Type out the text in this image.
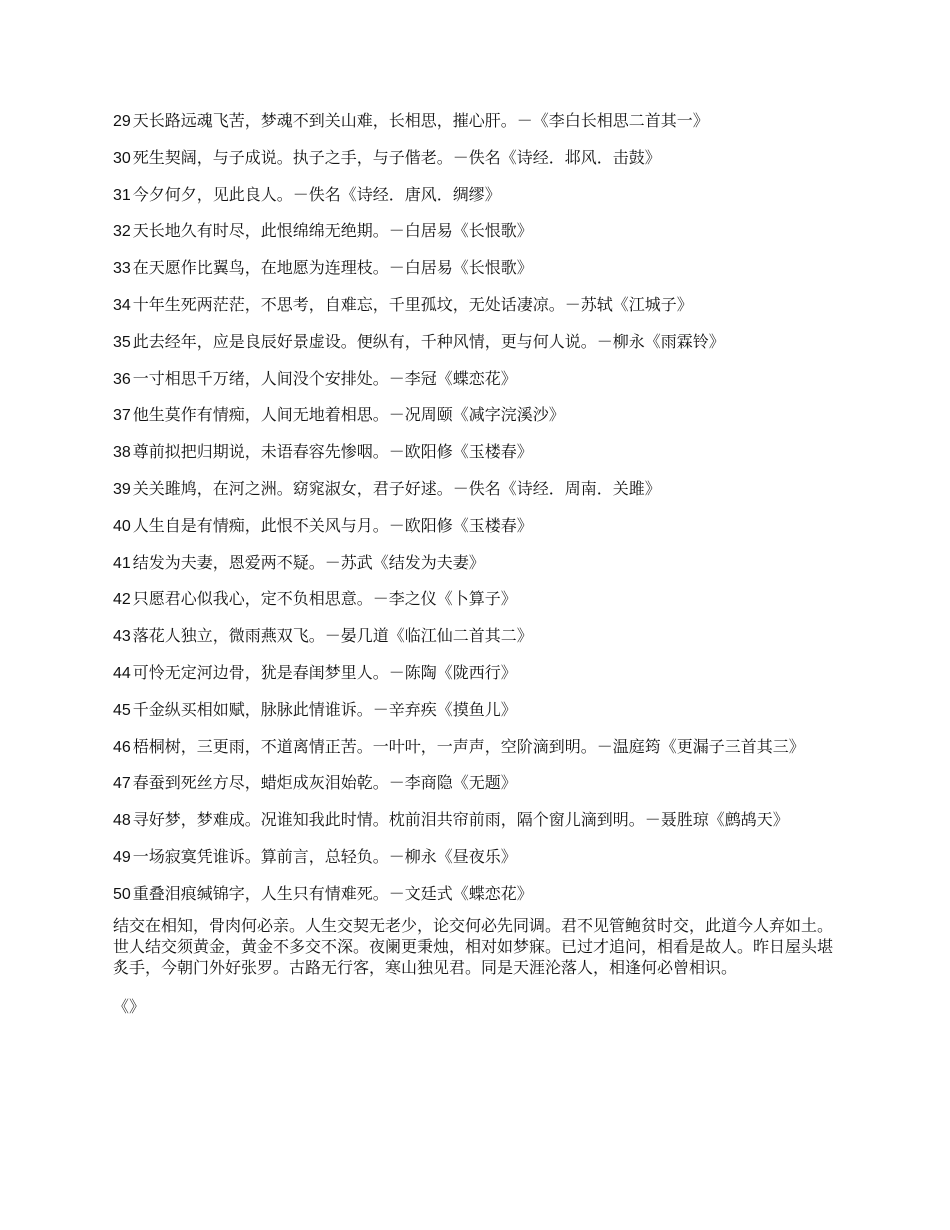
29 天长路远魂飞苦，梦魂不到关山难，长相思，摧心肝。－《李白长相思二首其一》
30 死生契阔，与子成说。执子之手，与子偕老。－佚名《诗经．邶风．击鼓》
31 今夕何夕，见此良人。－佚名《诗经．唐风．绸缪》
32 天长地久有时尽，此恨绵绵无绝期。－白居易《长恨歌》
33 在天愿作比翼鸟，在地愿为连理枝。－白居易《长恨歌》
34 十年生死两茫茫，不思考，自难忘，千里孤坟，无处话凄凉。－苏轼《江城子》
35 此去经年，应是良辰好景虚设。便纵有，千种风情，更与何人说。－柳永《雨霖铃》
36 一寸相思千万绪，人间没个安排处。－李冠《蝶恋花》
37 他生莫作有情痴，人间无地着相思。－况周颐《减字浣溪沙》
38 尊前拟把归期说，未语春容先惨咽。－欧阳修《玉楼春》
39 关关雎鸠，在河之洲。窈窕淑女，君子好逑。－佚名《诗经．周南．关雎》
40 人生自是有情痴，此恨不关风与月。－欧阳修《玉楼春》
41 结发为夫妻，恩爱两不疑。－苏武《结发为夫妻》
42 只愿君心似我心，定不负相思意。－李之仪《卜算子》
43 落花人独立，微雨燕双飞。－晏几道《临江仙二首其二》
44 可怜无定河边骨，犹是春闺梦里人。－陈陶《陇西行》
45 千金纵买相如赋，脉脉此情谁诉。－辛弃疾《摸鱼儿》
46 梧桐树，三更雨，不道离情正苦。一叶叶，一声声，空阶滴到明。－温庭筠《更漏子三首其三》
47 春蚕到死丝方尽，蜡炬成灰泪始乾。－李商隐《无题》
48 寻好梦，梦难成。况谁知我此时情。枕前泪共帘前雨，隔个窗儿滴到明。－聂胜琼《鹧鸪天》
49 一场寂寞凭谁诉。算前言，总轻负。－柳永《昼夜乐》
50 重叠泪痕缄锦字，人生只有情难死。－文廷式《蝶恋花》
结交在相知，骨肉何必亲。人生交契无老少，论交何必先同调。君不见管鲍贫时交，此道今人弃如土。世人结交须黄金，黄金不多交不深。夜阑更秉烛，相对如梦寐。已过才追问，相看是故人。昨日屋头堪炙手，今朝门外好张罗。古路无行客，寒山独见君。同是天涯沦落人，相逢何必曾相识。
《》
